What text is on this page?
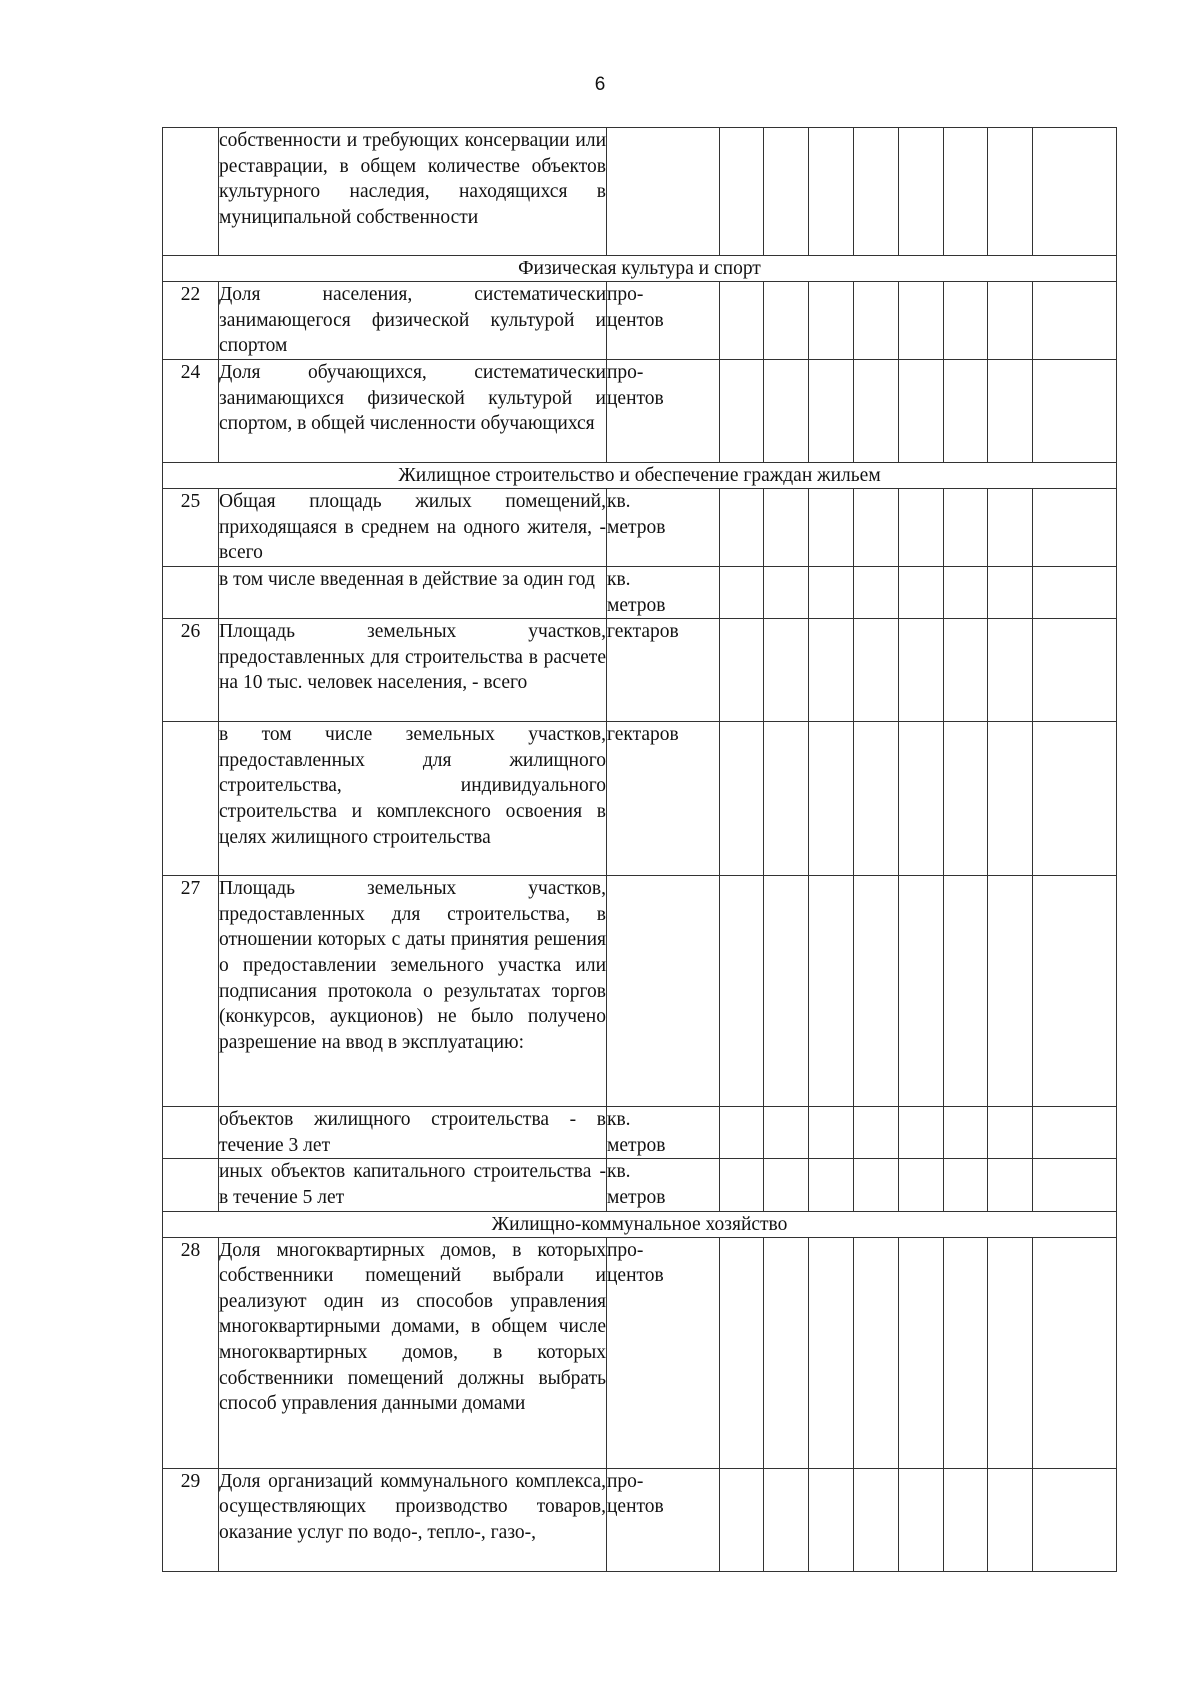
6
	собственности и требующих консервации или реставрации, в общем количестве объектов культурного наследия, находящихся в муниципальной собственности									
Физическая культура и спорт										
22	Доля населения, систематически занимающегося физической культурой и спортом	про-
центов								
24	Доля обучающихся, систематически занимающихся физической культурой и спортом, в общей численности обучающихся	про-
центов								
Жилищное строительство и обеспечение граждан жильем										
25	Общая площадь жилых помещений, приходящаяся в среднем на одного жителя, - всего	кв.
метров								
	в том числе введенная в действие за один год	кв.
метров								
26	Площадь земельных участков, предоставленных для строительства в расчете на 10 тыс. человек населения, - всего	гектаров								
	в том числе земельных участков, предоставленных для жилищного строительства, индивидуального строительства и комплексного освоения в целях жилищного строительства	гектаров								
27	Площадь земельных участков, предоставленных для строительства, в отношении которых с даты принятия решения о предоставлении земельного участка или подписания протокола о результатах торгов (конкурсов, аукционов) не было получено разрешение на ввод в эксплуатацию:									
	объектов жилищного строительства - в течение 3 лет	кв.
метров								
	иных объектов капитального строительства - в течение 5 лет	кв.
метров								
Жилищно-коммунальное хозяйство										
28	Доля многоквартирных домов, в которых собственники помещений выбрали и реализуют один из способов управления многоквартирными домами, в общем числе многоквартирных домов, в которых собственники помещений должны выбрать способ управления данными домами	про-
центов								
29	Доля организаций коммунального комплекса, осуществляющих производство товаров, оказание услуг по водо-, тепло-, газо-,	про-
центов								
